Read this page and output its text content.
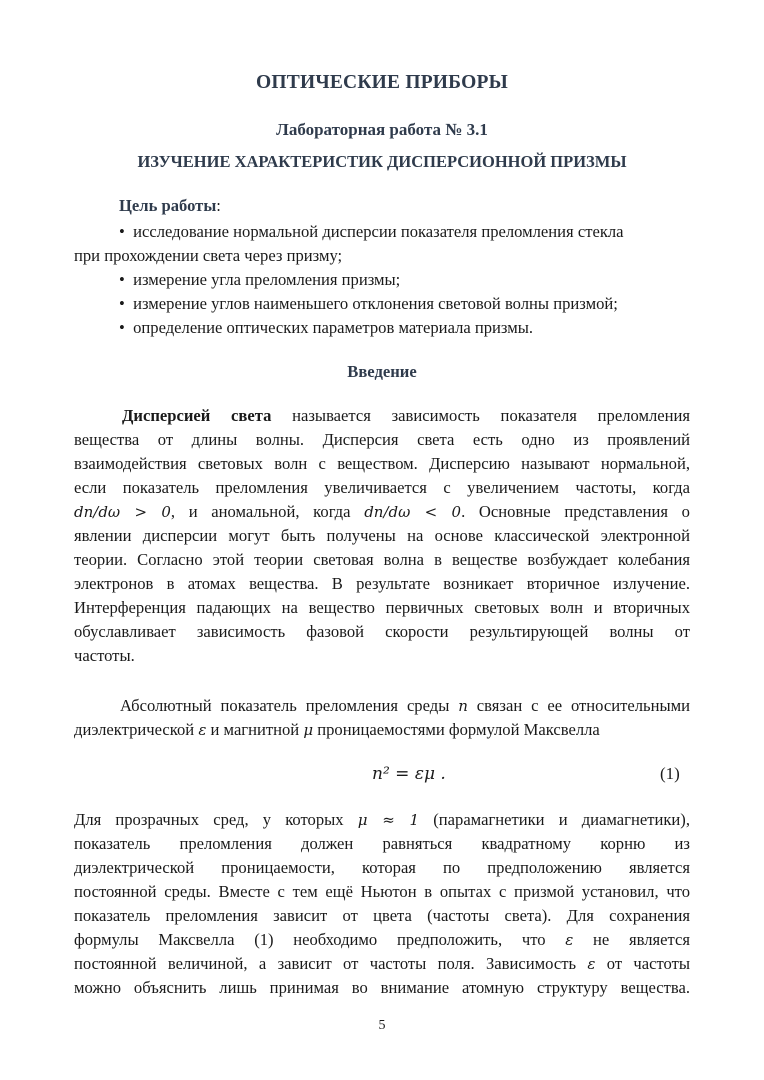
ОПТИЧЕСКИЕ ПРИБОРЫ
Лабораторная работа № 3.1
ИЗУЧЕНИЕ ХАРАКТЕРИСТИК ДИСПЕРСИОННОЙ ПРИЗМЫ
Цель работы:
• исследование нормальной дисперсии показателя преломления стекла
при прохождении света через призму;
• измерение угла преломления призмы;
• измерение углов наименьшего отклонения световой волны призмой;
• определение оптических параметров материала призмы.
Введение
Дисперсией света называется зависимость показателя преломления
вещества от длины волны. Дисперсия света есть одно из проявлений
взаимодействия световых волн с веществом. Дисперсию называют нормальной,
если показатель преломления увеличивается с увеличением частоты, когда
dn/dω > 0, и аномальной, когда dn/dω < 0. Основные представления о
явлении дисперсии могут быть получены на основе классической электронной
теории. Согласно этой теории световая волна в веществе возбуждает колебания
электронов в атомах вещества. В результате возникает вторичное излучение.
Интерференция падающих на вещество первичных световых волн и вторичных
обуславливает зависимость фазовой скорости результирующей волны от
частоты.
Абсолютный показатель преломления среды n связан с ее относительными
диэлектрической ε и магнитной μ проницаемостями формулой Максвелла
n² = εμ .	(1)
Для прозрачных сред, у которых μ ≈ 1 (парамагнетики и диамагнетики),
показатель преломления должен равняться квадратному корню из
диэлектрической проницаемости, которая по предположению является
постоянной среды. Вместе с тем ещё Ньютон в опытах с призмой установил, что
показатель преломления зависит от цвета (частоты света). Для сохранения
формулы Максвелла (1) необходимо предположить, что ε не является
постоянной величиной, а зависит от частоты поля. Зависимость ε от частоты
можно объяснить лишь принимая во внимание атомную структуру вещества.
5
